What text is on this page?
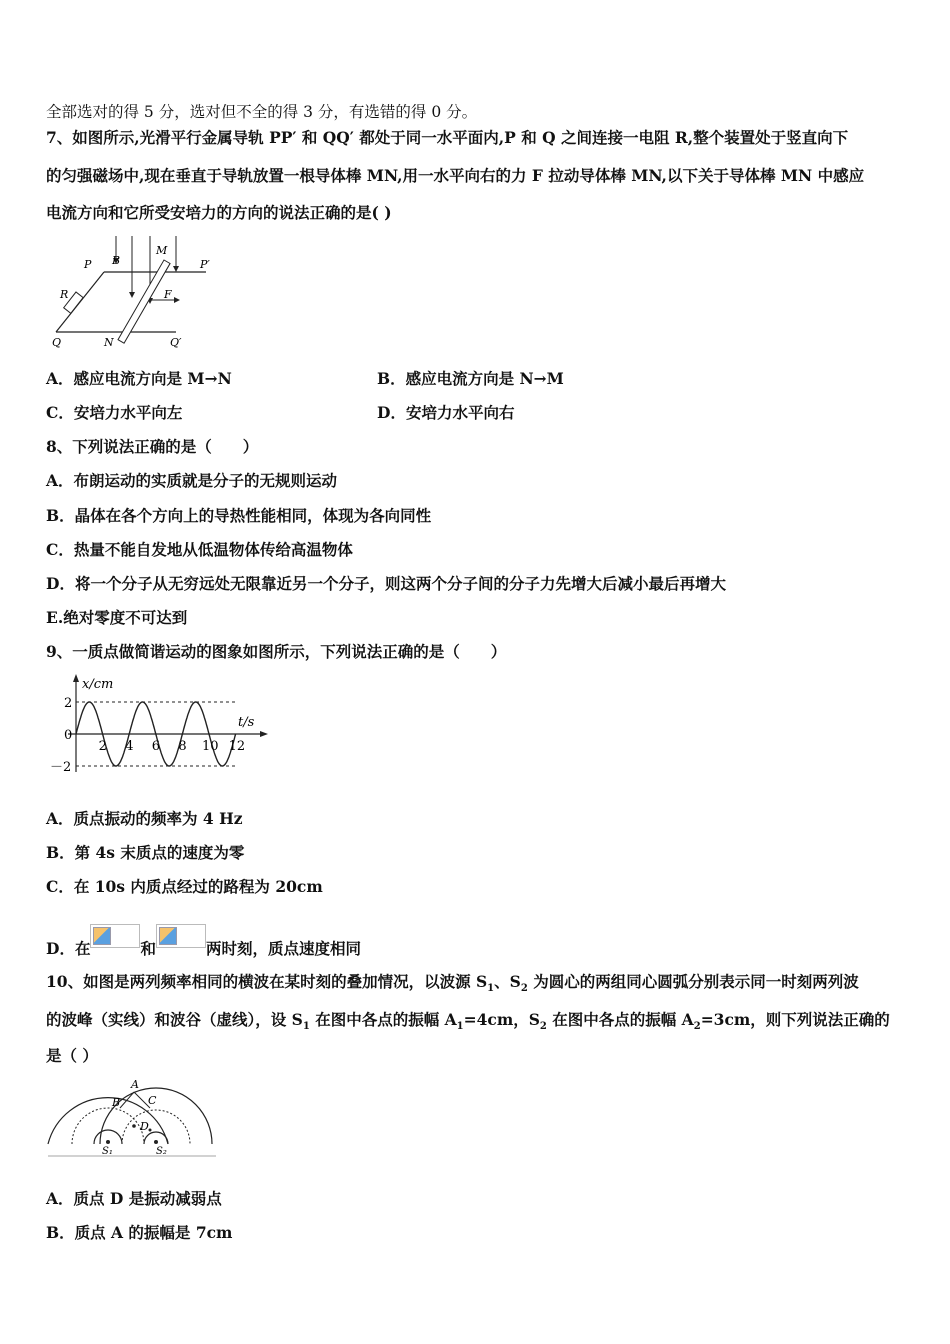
全部选对的得 5 分，选对但不全的得 3 分，有选错的得 0 分。
7、如图所示,光滑平行金属导轨 PP′ 和 QQ′ 都处于同一水平面内,P 和 Q 之间连接一电阻 R,整个装置处于竖直向下
的匀强磁场中,现在垂直于导轨放置一根导体棒 MN,用一水平向右的力 F 拉动导体棒 MN,以下关于导体棒 MN 中感应
电流方向和它所受安培力的方向的说法正确的是( )
P B
M
P′
R	F
Q	N	Q′
A．感应电流方向是 M→N	B．感应电流方向是 N→M
C．安培力水平向左	D．安培力水平向右
8、下列说法正确的是（　　）
A．布朗运动的实质就是分子的无规则运动
B．晶体在各个方向上的导热性能相同，体现为各向同性
C．热量不能自发地从低温物体传给高温物体
D．将一个分子从无穷远处无限靠近另一个分子，则这两个分子间的分子力先增大后减小最后再增大
E.绝对零度不可达到
9、一质点做简谐运动的图象如图所示，下列说法正确的是（　　）
x/cm
t/s
2
0
－2
2 4 6 8 10 12
A．质点振动的频率为 4 Hz
B．第 4s 末质点的速度为零
C．在 10s 内质点经过的路程为 20cm
D．在	和	两时刻，质点速度相同
10、如图是两列频率相同的横波在某时刻的叠加情况，以波源 $S_1$、$S_2$ 为圆心的两组同心圆弧分别表示同一时刻两列波
的波峰（实线）和波谷（虚线），设 $S_1$ 在图中各点的振幅 $A_1=4cm$，$S_2$ 在图中各点的振幅 $A_2=3cm$，则下列说法正确的
是（ ）
A
B	C
D
S₁	S₂
A．质点 D 是振动减弱点
B．质点 A 的振幅是 7cm
